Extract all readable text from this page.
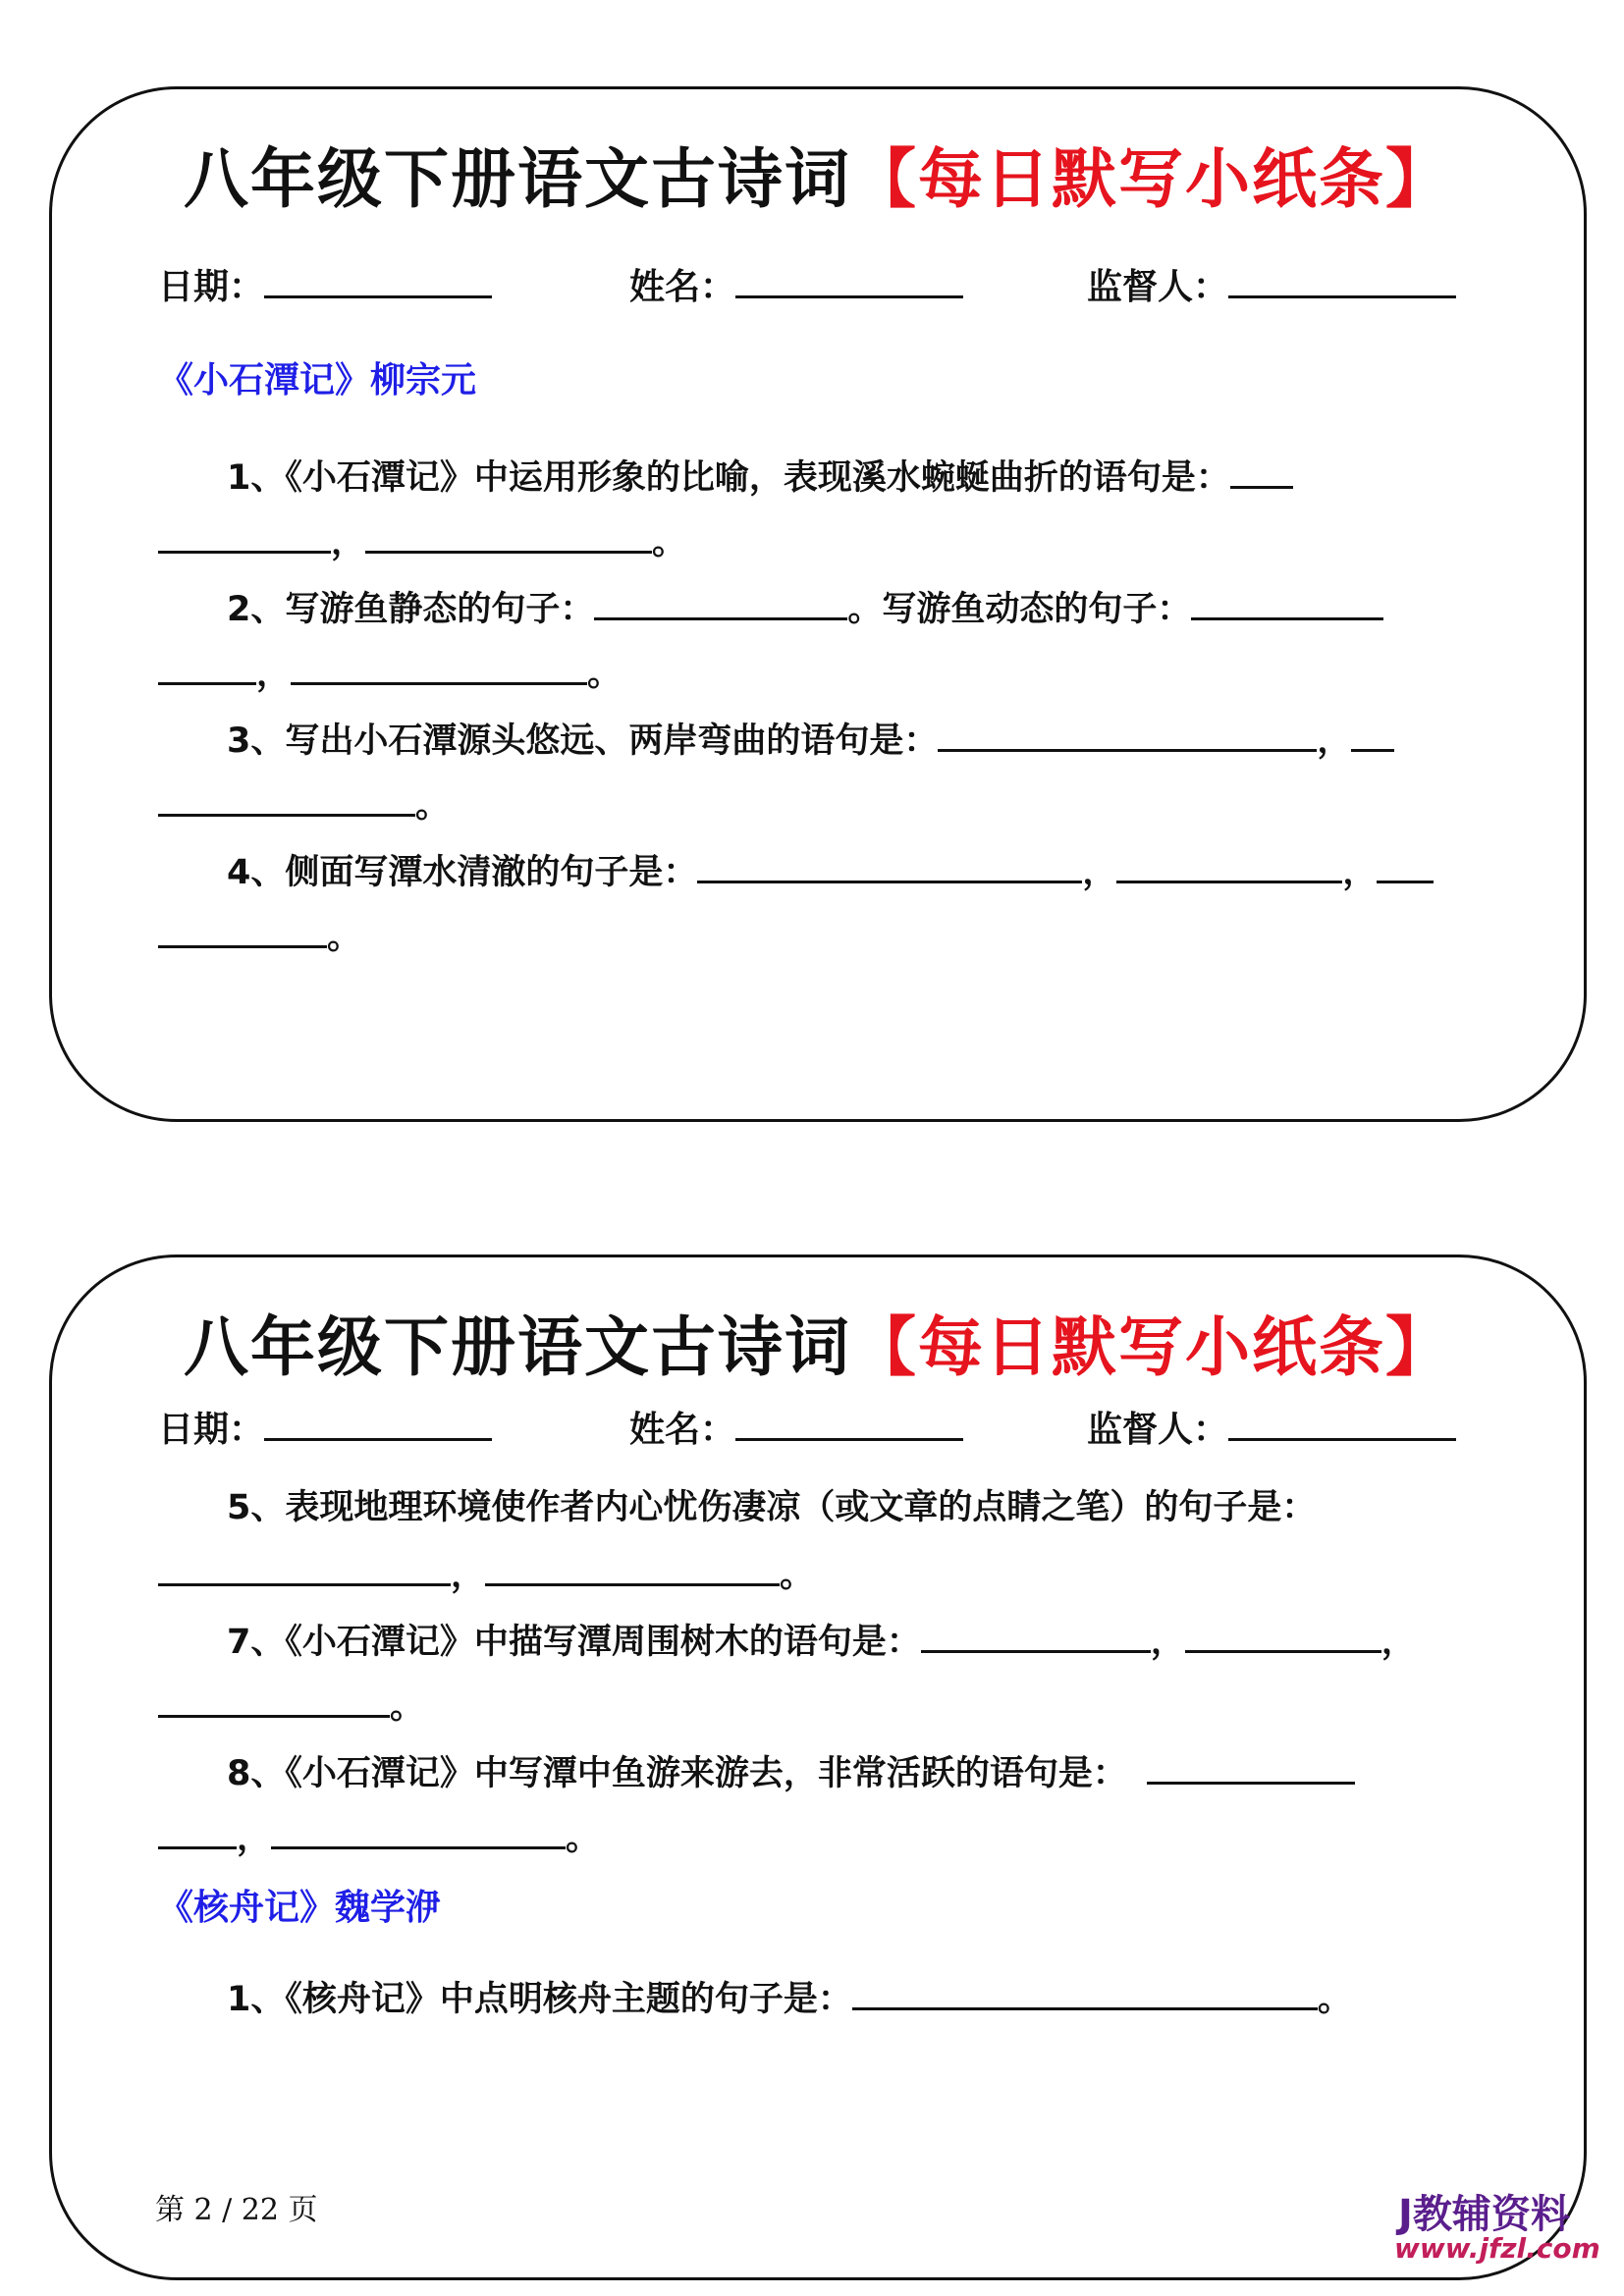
八年级下册语文古诗词【每日默写小纸条】
日期：	姓名：	监督人：
《小石潭记》柳宗元
1、《小石潭记》中运用形象的比喻，表现溪水蜿蜒曲折的语句是：
，	。
2、写游鱼静态的句子：	。写游鱼动态的句子：
，	。
3、写出小石潭源头悠远、两岸弯曲的语句是：	，
。
4、侧面写潭水清澈的句子是：	，	，
。
八年级下册语文古诗词【每日默写小纸条】
日期：	姓名：	监督人：
5、表现地理环境使作者内心忧伤凄凉（或文章的点睛之笔）的句子是：
，	。
7、《小石潭记》中描写潭周围树木的语句是：	，	，
。
8、《小石潭记》中写潭中鱼游来游去，非常活跃的语句是：
，	。
《核舟记》魏学洢
1、《核舟记》中点明核舟主题的句子是：	。
第 2 / 22 页	J教辅资料
www.jfzl.com
